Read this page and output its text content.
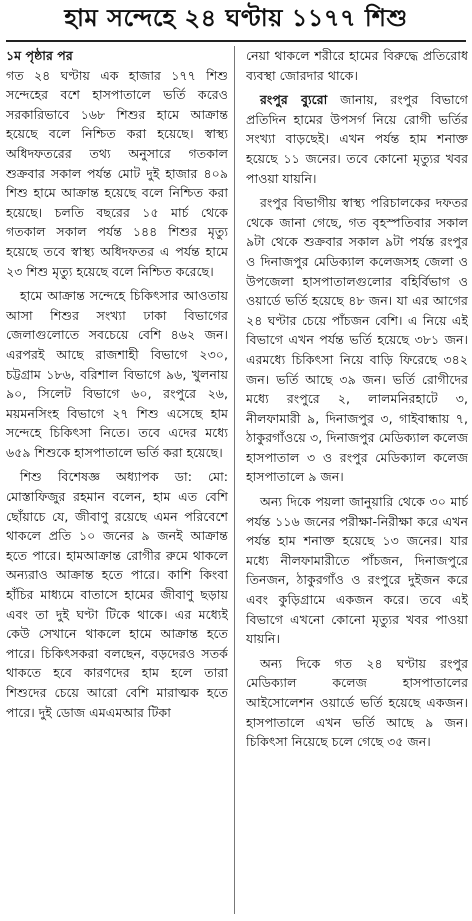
হাম সন্দেহে ২৪ ঘণ্টায় ১১৭৭ শিশু

১ম পৃষ্ঠার পর
গত ২৪ ঘণ্টায় এক হাজার ১৭৭ শিশু সন্দেহের বশে হাসপাতালে ভর্তি করেও সরকারিভাবে ১৬৮ শিশুর হামে আক্রান্ত হয়েছে বলে নিশ্চিত করা হয়েছে। স্বাস্থ্য অধিদফতরের তথ্য অনুসারে গতকাল শুক্রবার সকাল পর্যন্ত মোট দুই হাজার ৪০৯ শিশু হামে আক্রান্ত হয়েছে বলে নিশ্চিত করা হয়েছে। চলতি বছরের ১৫ মার্চ থেকে গতকাল সকাল পর্যন্ত ১৪৪ শিশুর মৃত্যু হয়েছে তবে স্বাস্থ্য অধিদফতর এ পর্যন্ত হামে ২৩ শিশু মৃত্যু হয়েছে বলে নিশ্চিত করেছে।

হামে আক্রান্ত সন্দেহে চিকিৎসার আওতায় আসা শিশুর সংখ্যা ঢাকা বিভাগের জেলাগুলোতে সবচেয়ে বেশি ৪৬২ জন। এরপরই আছে রাজশাহী বিভাগে ২৩০, চট্টগ্রাম ১৮৬, বরিশাল বিভাগে ৯৬, খুলনায় ৯০, সিলেট বিভাগে ৬০, রংপুরে ২৬, ময়মনসিংহ বিভাগে ২৭ শিশু এসেছে হাম সন্দেহে চিকিৎসা নিতে। তবে এদের মধ্যে ৬৫৯ শিশুকে হাসপাতালে ভর্তি করা হয়েছে।

শিশু বিশেষজ্ঞ অধ্যাপক ডা: মো: মোস্তাফিজুর রহমান বলেন, হাম এত বেশি ছোঁয়াচে যে, জীবাণু রয়েছে এমন পরিবেশে থাকলে প্রতি ১০ জনের ৯ জনই আক্রান্ত হতে পারে। হামআক্রান্ত রোগীর রুমে থাকলে অন্যরাও আক্রান্ত হতে পারে। কাশি কিংবা হাঁচির মাধ্যমে বাতাসে হামের জীবাণু ছড়ায় এবং তা দুই ঘণ্টা টিকে থাকে। এর মধ্যেই কেউ সেখানে থাকলে হামে আক্রান্ত হতে পারে। চিকিৎসকরা বলছেন, বড়দেরও সতর্ক থাকতে হবে কারণদের হাম হলে তারা শিশুদের চেয়ে আরো বেশি মারাত্মক হতে পারে। দুই ডোজ এমএমআর টিকা

নেয়া থাকলে শরীরে হামের বিরুদ্ধে প্রতিরোধ ব্যবস্থা জোরদার থাকে।

রংপুর ব্যুরো জানায়, রংপুর বিভাগে প্রতিদিন হামের উপসর্গ নিয়ে রোগী ভর্তির সংখ্যা বাড়ছেই। এখন পর্যন্ত হাম শনাক্ত হয়েছে ১১ জনের। তবে কোনো মৃত্যুর খবর পাওয়া যায়নি।

রংপুর বিভাগীয় স্বাস্থ্য পরিচালকের দফতর থেকে জানা গেছে, গত বৃহস্পতিবার সকাল ৯টা থেকে শুক্রবার সকাল ৯টা পর্যন্ত রংপুর ও দিনাজপুর মেডিক্যাল কলেজসহ জেলা ও উপজেলা হাসপাতালগুলোর বহির্বিভাগ ও ওয়ার্ডে ভর্তি হয়েছে ৪৮ জন। যা এর আগের ২৪ ঘণ্টার চেয়ে পাঁচজন বেশি। এ নিয়ে এই বিভাগে এখন পর্যন্ত ভর্তি হয়েছে ৩৮১ জন। এরমধ্যে চিকিৎসা নিয়ে বাড়ি ফিরেছে ৩৪২ জন। ভর্তি আছে ৩৯ জন। ভর্তি রোগীদের মধ্যে রংপুরে ২, লালমনিরহাটে ৩, নীলফামারী ৯, দিনাজপুর ৩, গাইবান্ধায় ৭, ঠাকুরগাঁওয়ে ৩, দিনাজপুর মেডিক্যাল কলেজ হাসপাতাল ৩ ও রংপুর মেডিক্যাল কলেজ হাসপাতালে ৯ জন।

অন্য দিকে পয়লা জানুয়ারি থেকে ৩০ মার্চ পর্যন্ত ১১৬ জনের পরীক্ষা-নিরীক্ষা করে এখন পর্যন্ত হাম শনাক্ত হয়েছে ১৩ জনের। যার মধ্যে নীলফামারীতে পাঁচজন, দিনাজপুরে তিনজন, ঠাকুরগাঁও ও রংপুরে দুইজন করে এবং কুড়িগ্রামে একজন করে। তবে এই বিভাগে এখনো কোনো মৃত্যুর খবর পাওয়া যায়নি।

অন্য দিকে গত ২৪ ঘণ্টায় রংপুর মেডিক্যাল কলেজ হাসপাতালের আইসোলেশন ওয়ার্ডে ভর্তি হয়েছে একজন। হাসপাতালে এখন ভর্তি আছে ৯ জন। চিকিৎসা নিয়েছে চলে গেছে ৩৫ জন।
